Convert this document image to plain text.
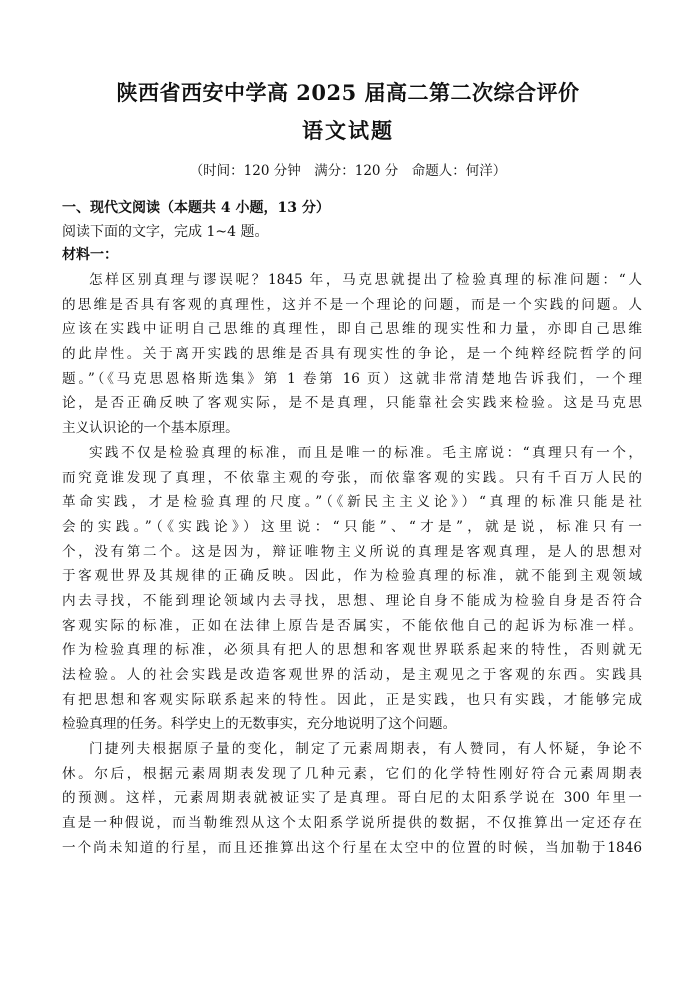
陕西省西安中学高 2025 届高二第二次综合评价
语文试题
（时间：120 分钟　满分：120 分　命题人：何洋）
一、现代文阅读（本题共 4 小题，13 分）
阅读下面的文字，完成 1~4 题。
材料一：
怎样区别真理与谬误呢？1845 年，马克思就提出了检验真理的标准问题：“人
的思维是否具有客观的真理性，这并不是一个理论的问题，而是一个实践的问题。人
应该在实践中证明自己思维的真理性，即自己思维的现实性和力量，亦即自己思维
的此岸性。关于离开实践的思维是否具有现实性的争论，是一个纯粹经院哲学的问
题。”（《马克思恩格斯选集》第 1 卷第 16 页）这就非常清楚地告诉我们，一个理
论，是否正确反映了客观实际，是不是真理，只能靠社会实践来检验。这是马克思
主义认识论的一个基本原理。
实践不仅是检验真理的标准，而且是唯一的标准。毛主席说：“真理只有一个，
而究竟谁发现了真理，不依靠主观的夸张，而依靠客观的实践。只有千百万人民的
革命实践，才是检验真理的尺度。”（《新民主主义论》）“真理的标准只能是社
会的实践。”（《实践论》）这里说：“只能”、“才是”，就是说，标准只有一
个，没有第二个。这是因为，辩证唯物主义所说的真理是客观真理，是人的思想对
于客观世界及其规律的正确反映。因此，作为检验真理的标准，就不能到主观领域
内去寻找，不能到理论领域内去寻找，思想、理论自身不能成为检验自身是否符合
客观实际的标准，正如在法律上原告是否属实，不能依他自己的起诉为标准一样。
作为检验真理的标准，必须具有把人的思想和客观世界联系起来的特性，否则就无
法检验。人的社会实践是改造客观世界的活动，是主观见之于客观的东西。实践具
有把思想和客观实际联系起来的特性。因此，正是实践，也只有实践，才能够完成
检验真理的任务。科学史上的无数事实，充分地说明了这个问题。
门捷列夫根据原子量的变化，制定了元素周期表，有人赞同，有人怀疑，争论不
休。尔后，根据元素周期表发现了几种元素，它们的化学特性刚好符合元素周期表
的预测。这样，元素周期表就被证实了是真理。哥白尼的太阳系学说在 300 年里一
直是一种假说，而当勒维烈从这个太阳系学说所提供的数据，不仅推算出一定还存在
一个尚未知道的行星，而且还推算出这个行星在太空中的位置的时候，当加勒于1846
